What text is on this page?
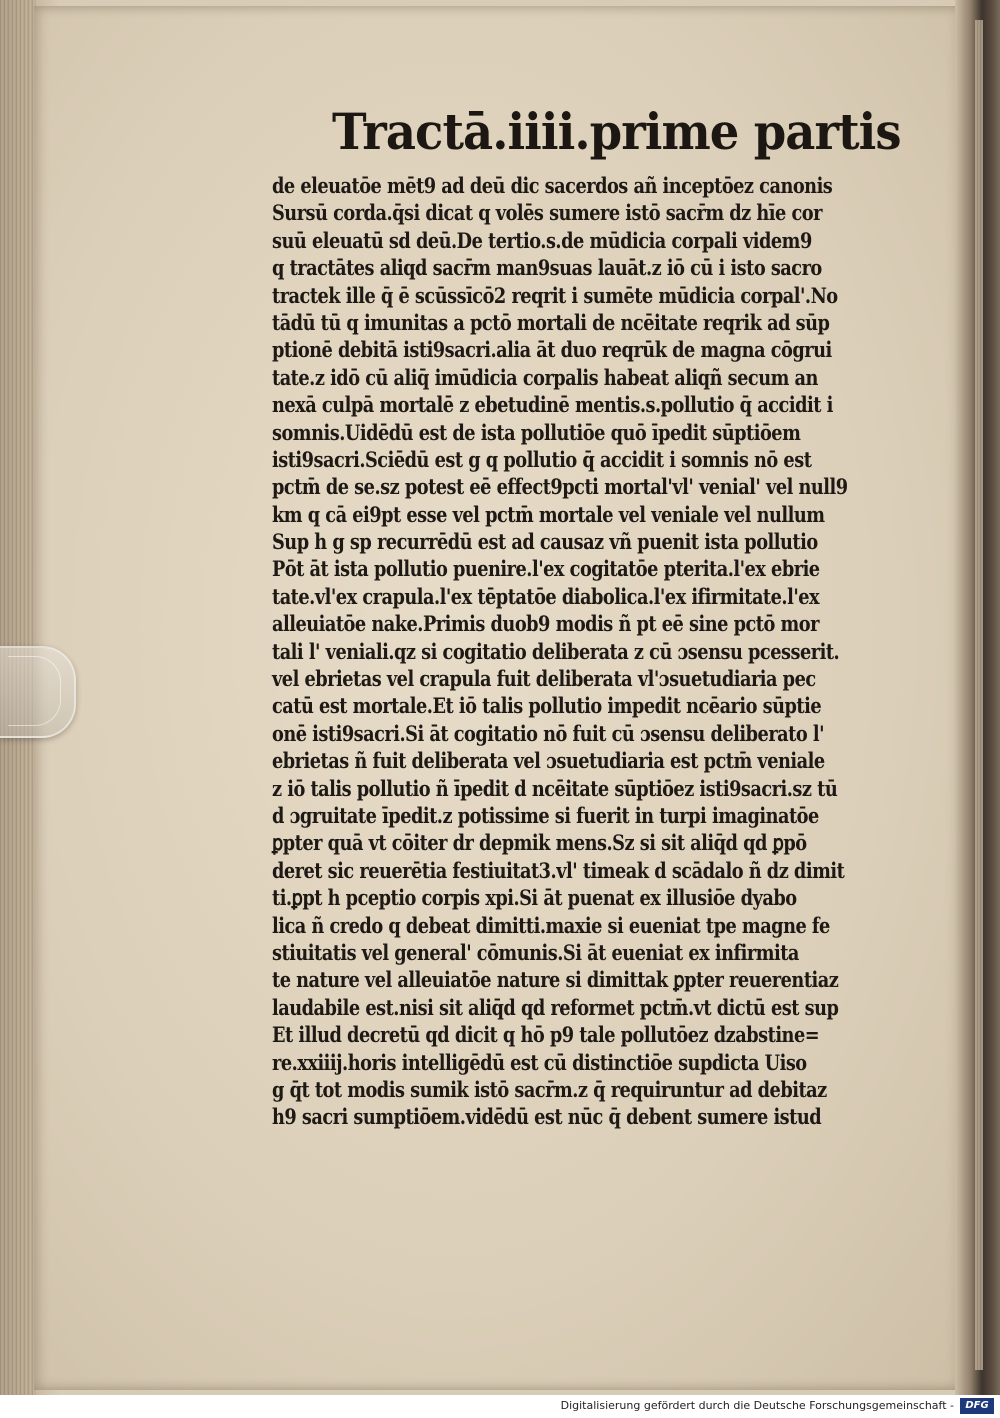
Tractā.iiii.prime partis
de eleuatōe mēt9 ad deū dic sacerdos añ inceptōez canonis
Sursū corda.q̄si dicat q volēs sumere istō sacr̄m dz hīe cor
suū eleuatū sd deū.De tertio.s.de mūdicia corpali videm9
q tractātes aliqd sacr̄m man9suas lauāt.z iō cū i isto sacro
tractek ille q̄ ē scūssīcō2 reqrit i sumēte mūdicia corpal'.No
tādū tū q imunitas a pctō mortali de ncēitate reqrik ad sūp
ptionē debitā isti9sacri.alia āt duo reqrūk de magna cōgrui
tate.z idō cū aliq̄ imūdicia corpalis habeat aliqñ secum an
nexā culpā mortalē z ebetudinē mentis.s.pollutio q̄ accidit i
somnis.Uidēdū est de ista pollutiōe quō īpedit sūptiōem
isti9sacri.Sciēdū est g q pollutio q̄ accidit i somnis nō est
pctm̄ de se.sz potest eē effect9pcti mortal'vl' venial' vel null9
km q cā ei9pt esse vel pctm̄ mortale vel veniale vel nullum
Sup h g sp recurrēdū est ad causaz vñ puenit ista pollutio
Pōt āt ista pollutio puenire.l'ex cogitatōe pterita.l'ex ebrie
tate.vl'ex crapula.l'ex tēptatōe diabolica.l'ex ifirmitate.l'ex
alleuiatōe nake.Primis duob9 modis ñ pt eē sine pctō mor
tali l' veniali.qz si cogitatio deliberata z cū ɔsensu pcesserit.
vel ebrietas vel crapula fuit deliberata vl'ɔsuetudiaria pec
catū est mortale.Et iō talis pollutio impedit ncēario sūptie
onē isti9sacri.Si āt cogitatio nō fuit cū ɔsensu deliberato l'
ebrietas ñ fuit deliberata vel ɔsuetudiaria est pctm̄ veniale
z iō talis pollutio ñ īpedit d ncēitate sūptiōez isti9sacri.sz tū
d ɔgruitate īpedit.z potissime si fuerit in turpi imaginatōe
ꝑpter quā vt cōiter dr depmik mens.Sz si sit aliq̄d qd ꝑpō
deret sic reuerētia festiuitat3.vl' timeak d scādalo ñ dz dimit
ti.ꝑpt h pceptio corpis xpi.Si āt puenat ex illusiōe dyabo
lica ñ credo q debeat dimitti.maxie si eueniat tpe magne fe
stiuitatis vel general' cōmunis.Si āt eueniat ex infirmita
te nature vel alleuiatōe nature si dimittak ꝑpter reuerentiaz
laudabile est.nisi sit aliq̄d qd reformet pctm̄.vt dictū est sup
Et illud decretū qd dicit q hō p9 tale pollutōez dzabstine=
re.xxiiij.horis intelligēdū est cū distinctiōe supdicta Uiso
g q̄t tot modis sumik istō sacr̄m.z q̄ requiruntur ad debitaz
h9 sacri sumptiōem.vidēdū est nūc q̄ debent sumere istud
Digitalisierung gefördert durch die Deutsche Forschungsgemeinschaft -	DFG
